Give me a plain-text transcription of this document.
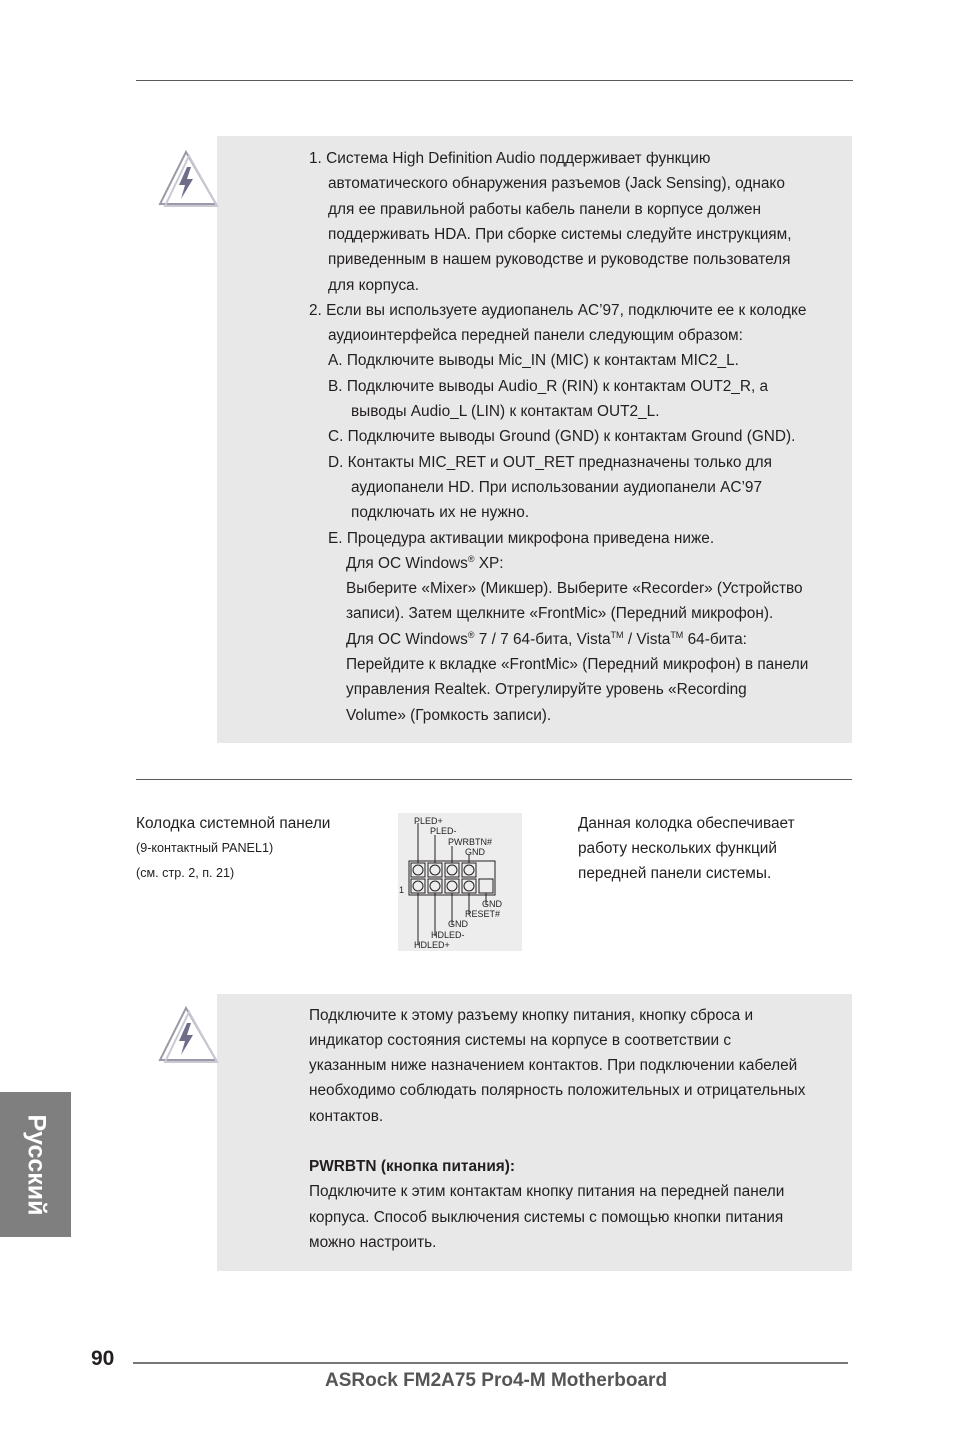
1. Система High Definition Audio поддерживает функцию
автоматического обнаружения разъемов (Jack Sensing), однако
для ее правильной работы кабель панели в корпусе должен
поддерживать HDA. При сборке системы следуйте инструкциям,
приведенным в нашем руководстве и руководстве пользователя
для корпуса.
2. Если вы используете аудиопанель AC’97, подключите ее к колодке
аудиоинтерфейса передней панели следующим образом:
A. Подключите выводы Mic_IN (MIC) к контактам MIC2_L.
B. Подключите выводы Audio_R (RIN) к контактам OUT2_R, а
выводы Audio_L (LIN) к контактам OUT2_L.
C. Подключите выводы Ground (GND) к контактам Ground (GND).
D. Контакты MIC_RET и OUT_RET предназначены только для
аудиопанели HD. При использовании аудиопанели AC’97
подключать их не нужно.
E. Процедура активации микрофона приведена ниже.
Для ОС Windows® XP:
Выберите «Mixer» (Микшер). Выберите «Recorder» (Устройство
записи). Затем щелкните «FrontMic» (Передний микрофон).
Для ОС Windows® 7 / 7 64-бита, Vista™ / Vista™ 64-бита:
Перейдите к вкладке «FrontMic» (Передний микрофон) в панели
управления Realtek. Отрегулируйте уровень «Recording
Volume» (Громкость записи).
Колодка системной панели
(9-контактный PANEL1)
(см. стр. 2, п. 21)
PLED+
PLED-
PWRBTN#
GND
1
GND
RESET#
GND
HDLED-
HDLED+
Данная колодка обеспечивает
работу нескольких функций
передней панели системы.
Подключите к этому разъему кнопку питания, кнопку сброса и
индикатор состояния системы на корпусе в соответствии с
указанным ниже назначением контактов. При подключении кабелей
необходимо соблюдать полярность положительных и отрицательных
контактов.
PWRBTN (кнопка питания):
Подключите к этим контактам кнопку питания на передней панели
корпуса. Способ выключения системы с помощью кнопки питания
можно настроить.
Русский
90
ASRock FM2A75 Pro4-M Motherboard
